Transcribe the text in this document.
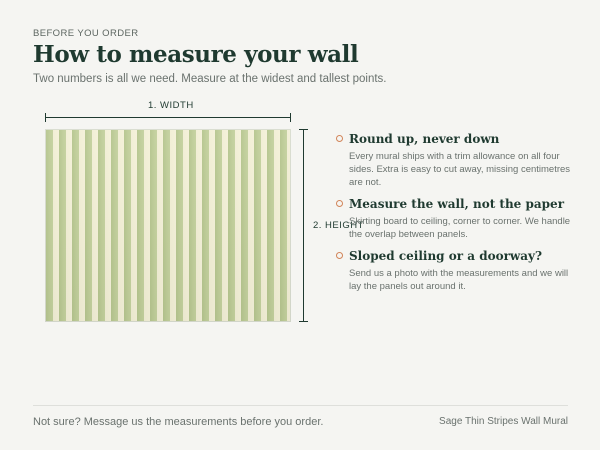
BEFORE YOU ORDER
How to measure your wall
Two numbers is all we need. Measure at the widest and tallest points.
1. WIDTH
2. HEIGHT
Round up, never down

Every mural ships with a trim allowance on all four sides. Extra is easy to cut away, missing centimetres are not.

Measure the wall, not the paper

Skirting board to ceiling, corner to corner. We handle the overlap between panels.

Sloped ceiling or a doorway?

Send us a photo with the measurements and we will lay the panels out around it.

Not sure? Message us the measurements before you order.	Sage Thin Stripes Wall Mural
